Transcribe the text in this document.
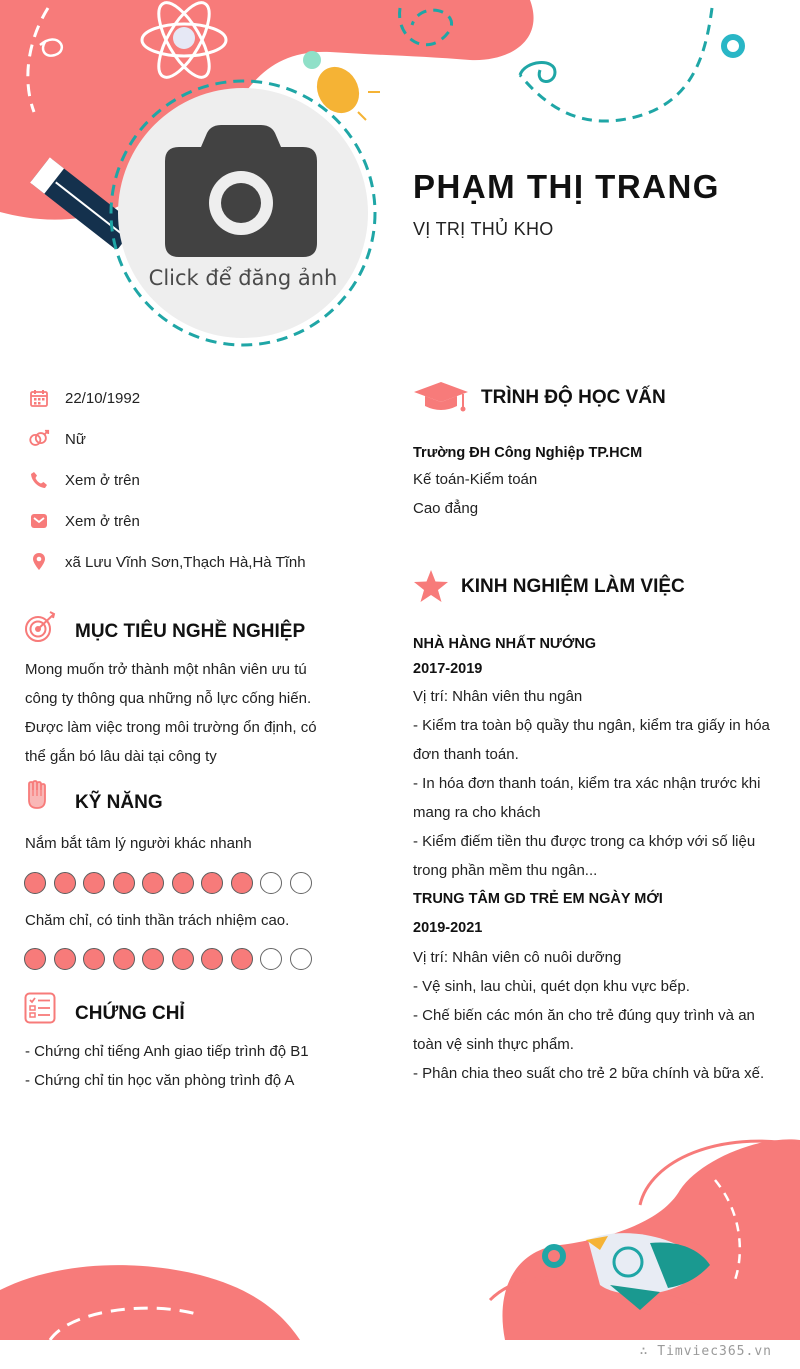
Click để đăng ảnh
PHẠM THỊ TRANG
VỊ TRỊ THỦ KHO
22/10/1992
Nữ
Xem ở trên
Xem ở trên
xã Lưu Vĩnh Sơn,Thạch Hà,Hà Tĩnh
MỤC TIÊU NGHỀ NGHIỆP
Mong muốn trở thành một nhân viên ưu tú
công ty thông qua những nỗ lực cống hiến.
Được làm việc trong môi trường ổn định, có
thể gắn bó lâu dài tại công ty
KỸ NĂNG
Nắm bắt tâm lý người khác nhanh
Chăm chỉ, có tinh thần trách nhiệm cao.
CHỨNG CHỈ
- Chứng chỉ tiếng Anh giao tiếp trình độ B1
- Chứng chỉ tin học văn phòng trình độ A
TRÌNH ĐỘ HỌC VẤN
Trường ĐH Công Nghiệp TP.HCM
Kế toán-Kiểm toán
Cao đẳng
KINH NGHIỆM LÀM VIỆC
NHÀ HÀNG NHẤT NƯỚNG
2017-2019
Vị trí: Nhân viên thu ngân
- Kiểm tra toàn bộ quầy thu ngân, kiểm tra giấy in hóa
đơn thanh toán.
- In hóa đơn thanh toán, kiểm tra xác nhận trước khi
mang ra cho khách
- Kiểm điếm tiền thu được trong ca khớp với số liệu
trong phần mềm thu ngân...
TRUNG TÂM GD TRẺ EM NGÀY MỚI
2019-2021
Vị trí: Nhân viên cô nuôi dưỡng
- Vệ sinh, lau chùi, quét dọn khu vực bếp.
- Chế biến các món ăn cho trẻ đúng quy trình và an
toàn vệ sinh thực phẩm.
- Phân chia theo suất cho trẻ 2 bữa chính và bữa xế.
∴ Timviec365.vn
